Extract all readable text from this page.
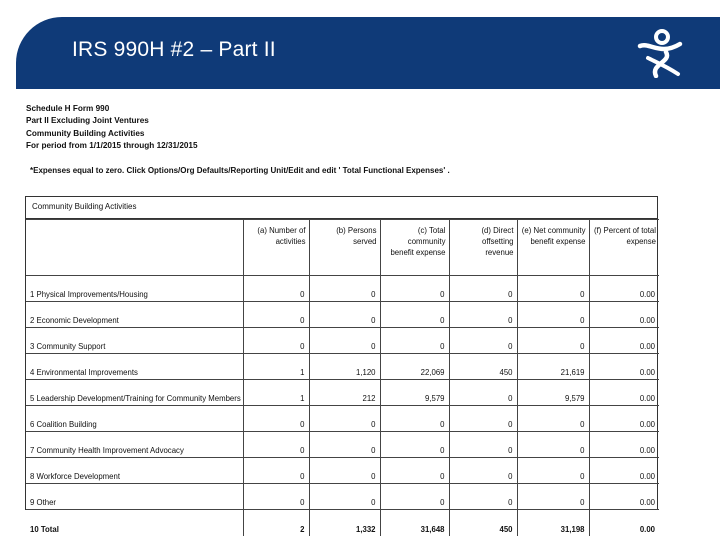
IRS 990H #2 – Part II
Schedule H Form 990
Part II Excluding Joint Ventures
Community Building Activities
For period from 1/1/2015 through 12/31/2015
*Expenses equal to zero. Click Options/Org Defaults/Reporting Unit/Edit and edit ' Total Functional Expenses' .
Community Building Activities
	(a) Number of activities	(b) Persons served	(c) Total community benefit expense	(d) Direct offsetting revenue	(e) Net community benefit expense	(f) Percent of total expense
1 Physical Improvements/Housing	0	0	0	0	0	0.00
2 Economic Development	0	0	0	0	0	0.00
3 Community Support	0	0	0	0	0	0.00
4 Environmental Improvements	1	1,120	22,069	450	21,619	0.00
5 Leadership Development/Training for Community Members	1	212	9,579	0	9,579	0.00
6 Coalition Building	0	0	0	0	0	0.00
7 Community Health Improvement Advocacy	0	0	0	0	0	0.00
8 Workforce Development	0	0	0	0	0	0.00
9 Other	0	0	0	0	0	0.00
10 Total	2	1,332	31,648	450	31,198	0.00
